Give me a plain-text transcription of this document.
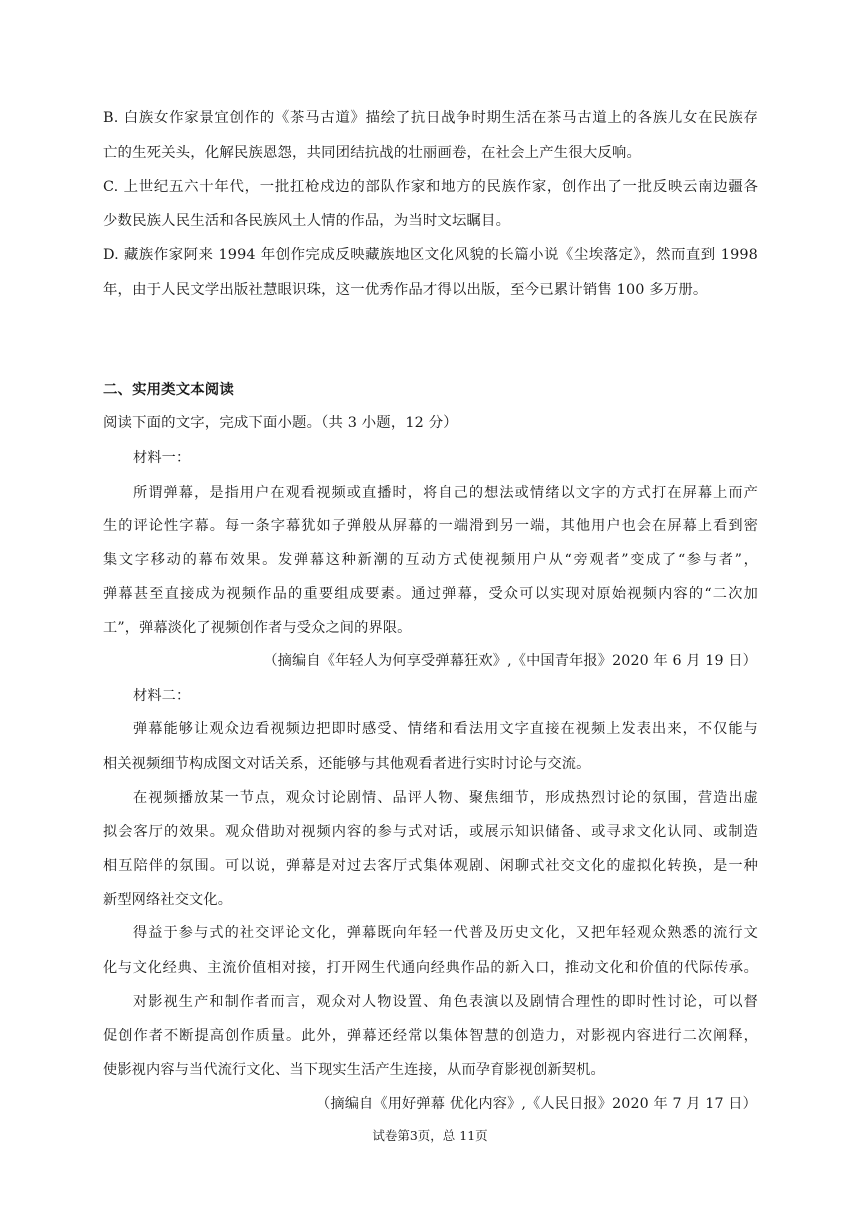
B. 白族女作家景宜创作的《茶马古道》描绘了抗日战争时期生活在茶马古道上的各族儿女在民族存
亡的生死关头，化解民族恩怨，共同团结抗战的壮丽画卷，在社会上产生很大反响。
C. 上世纪五六十年代，一批扛枪戍边的部队作家和地方的民族作家，创作出了一批反映云南边疆各
少数民族人民生活和各民族风土人情的作品，为当时文坛瞩目。
D. 藏族作家阿来 1994 年创作完成反映藏族地区文化风貌的长篇小说《尘埃落定》，然而直到 1998
年，由于人民文学出版社慧眼识珠，这一优秀作品才得以出版，至今已累计销售 100 多万册。
二、实用类文本阅读
阅读下面的文字，完成下面小题。（共 3 小题，12 分）
材料一：
所谓弹幕，是指用户在观看视频或直播时，将自己的想法或情绪以文字的方式打在屏幕上而产
生的评论性字幕。每一条字幕犹如子弹般从屏幕的一端滑到另一端，其他用户也会在屏幕上看到密
集文字移动的幕布效果。发弹幕这种新潮的互动方式使视频用户从“旁观者”变成了“参与者”，
弹幕甚至直接成为视频作品的重要组成要素。通过弹幕，受众可以实现对原始视频内容的“二次加
工”，弹幕淡化了视频创作者与受众之间的界限。
（摘编自《年轻人为何享受弹幕狂欢》,《中国青年报》2020 年 6 月 19 日）
材料二：
弹幕能够让观众边看视频边把即时感受、情绪和看法用文字直接在视频上发表出来，不仅能与
相关视频细节构成图文对话关系，还能够与其他观看者进行实时讨论与交流。
在视频播放某一节点，观众讨论剧情、品评人物、聚焦细节，形成热烈讨论的氛围，营造出虚
拟会客厅的效果。观众借助对视频内容的参与式对话，或展示知识储备、或寻求文化认同、或制造
相互陪伴的氛围。可以说，弹幕是对过去客厅式集体观剧、闲聊式社交文化的虚拟化转换，是一种
新型网络社交文化。
得益于参与式的社交评论文化，弹幕既向年轻一代普及历史文化，又把年轻观众熟悉的流行文
化与文化经典、主流价值相对接，打开网生代通向经典作品的新入口，推动文化和价值的代际传承。
对影视生产和制作者而言，观众对人物设置、角色表演以及剧情合理性的即时性讨论，可以督
促创作者不断提高创作质量。此外，弹幕还经常以集体智慧的创造力，对影视内容进行二次阐释，
使影视内容与当代流行文化、当下现实生活产生连接，从而孕育影视创新契机。
（摘编自《用好弹幕 优化内容》,《人民日报》2020 年 7 月 17 日）
试卷第3页，总 11页
